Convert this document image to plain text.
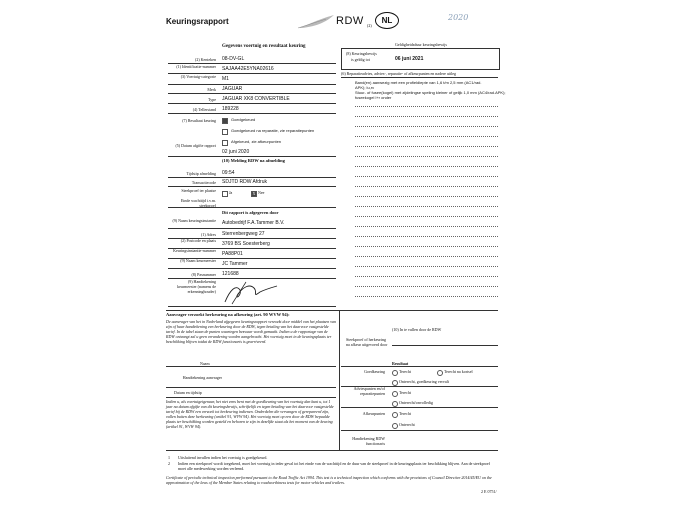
Keuringsrapport	RDW (2)
NL	2020
Gegevens voertuig en resultaat keuring
(2) Kenteken 08-DV-GL
(1) Identificatie-nummer SAJAA42E5YNA02616
(3) Voertuig-categorie M1
Merk JAGUAR
Type JAGUAR XK8 CONVERTIBLE
(4) Tellerstand 189228
(7) Resultaat keuring	Goedgekeurd
Goedgekeurd na reparatie, zie reparatiepunten
Afgekeurd, zie afkeurpunten
(5) Datum afgifte rapport
02 juni 2020
(10) Melding RDW na afmelding
Tijdstip afmelding 09:54
Transactiecode SDJTD RDW Afdruk
Steekproef ter plaatse	Ja	X Nee
Einde wachttijd i.v.m. steekproef
Dit rapport is afgegeven door
(9) Naam keuringsinstantie Autobedrijf F.A.Tammer B.V.
(1) Adres Sterrenbergweg 27
(2) Postcode en plaats
3769 BS Soesterberg
Keuringsinstantie-nummer
PA88P01
(9) Naam keurmeester
JC Tammer
(8) Pasnummer 121688
(9) Handtekening keurmeester (namens de erkenninghouder)
Geldigheidsduur keuringsbewijs
(8) Keuringsbewijs
is geldig tot	06 juni 2021
(6) Reparatieadvies, advies-, reparatie- of afkeurpunten en nadere uitleg
Band(en) aanwezig met een profieldiepte van 1,6 t/m 2,5 mm (AC1/rad.
APK); lu,rv
Stuur- of fusee(kogel) met zijdelingse speling kleiner of gelijk 1,0 mm (AC4/rad.APK);
fuseekogel l+r onder
Aanvrager verzoekt herkeuring na afkeuring (art. 90 WVW 94):
De aanvrager van het in Nederland afgegeven keuringsrapport verzoekt door middel van het plaatsen van zijn of haar handtekening een herkeuring door de RDW, tegen betaling van het daarvoor vastgestelde tarief. In de tabel staan de punten waartegen bezwaar wordt gemaakt. Indien u de rapportage van de RDW ontvangt zal u geen verandering worden aangebracht. Het voertuig moet in de keuringsplaats ter beschikking blijven totdat de RDW functionaris is gearriveerd.
Naam
Handtekening aanvrager
Datum en tijdstip
Indien u, als voertuigeigenaar, het niet eens bent met de goedkeuring van het voertuig dan kunt u, tot 1 jaar na datum afgifte van dit keuringsbewijs, schriftelijk en tegen betaling van het daarvoor vastgestelde tarief bij de RDW een verzoek tot herkeuring indienen. Onderdelen die vervangen of gerepareerd zijn, vallen buiten deze herkeuring (artikel 91, WVW 94). Het voertuig moet op een door de RDW bepaalde plaats ter beschikking worden gesteld en behoren te zijn in dezelfde staat als het moment van de keuring (artikel 91, WVW 94).
(10) In te vullen door de RDW
Steekproef of herkeuring na afkeur uitgevoerd door
Resultaat
Goedkeuring	Terecht	Terecht na kortsel
Onterecht, goedkeuring vervalt
Adviespunten en/of reparatiepunten	Terecht
Onterecht/onvolledig
Afkeurpunten	Terecht
Onterecht
Handtekening RDW functionaris
1 Uitsluitend invullen indien het voertuig is goedgekeurd.
2 Indien een steekproef wordt toegekend, moet het voertuig in ieder geval tot het einde van de wachttijd en de duur van de steekproef in de keuringsplaats ter beschikking blijven. Aan de steekproef moet alle medewerking worden verleend.
Certificate of periodic technical inspection performed pursuant to the Road Traffic Act 1994. This test is a technical inspection which conforms with the provisions of Council Directive 2014/45/EU on the approximation of the laws of the Member States relating to roadworthiness tests for motor vehicles and trailers.
2 E 0751/
